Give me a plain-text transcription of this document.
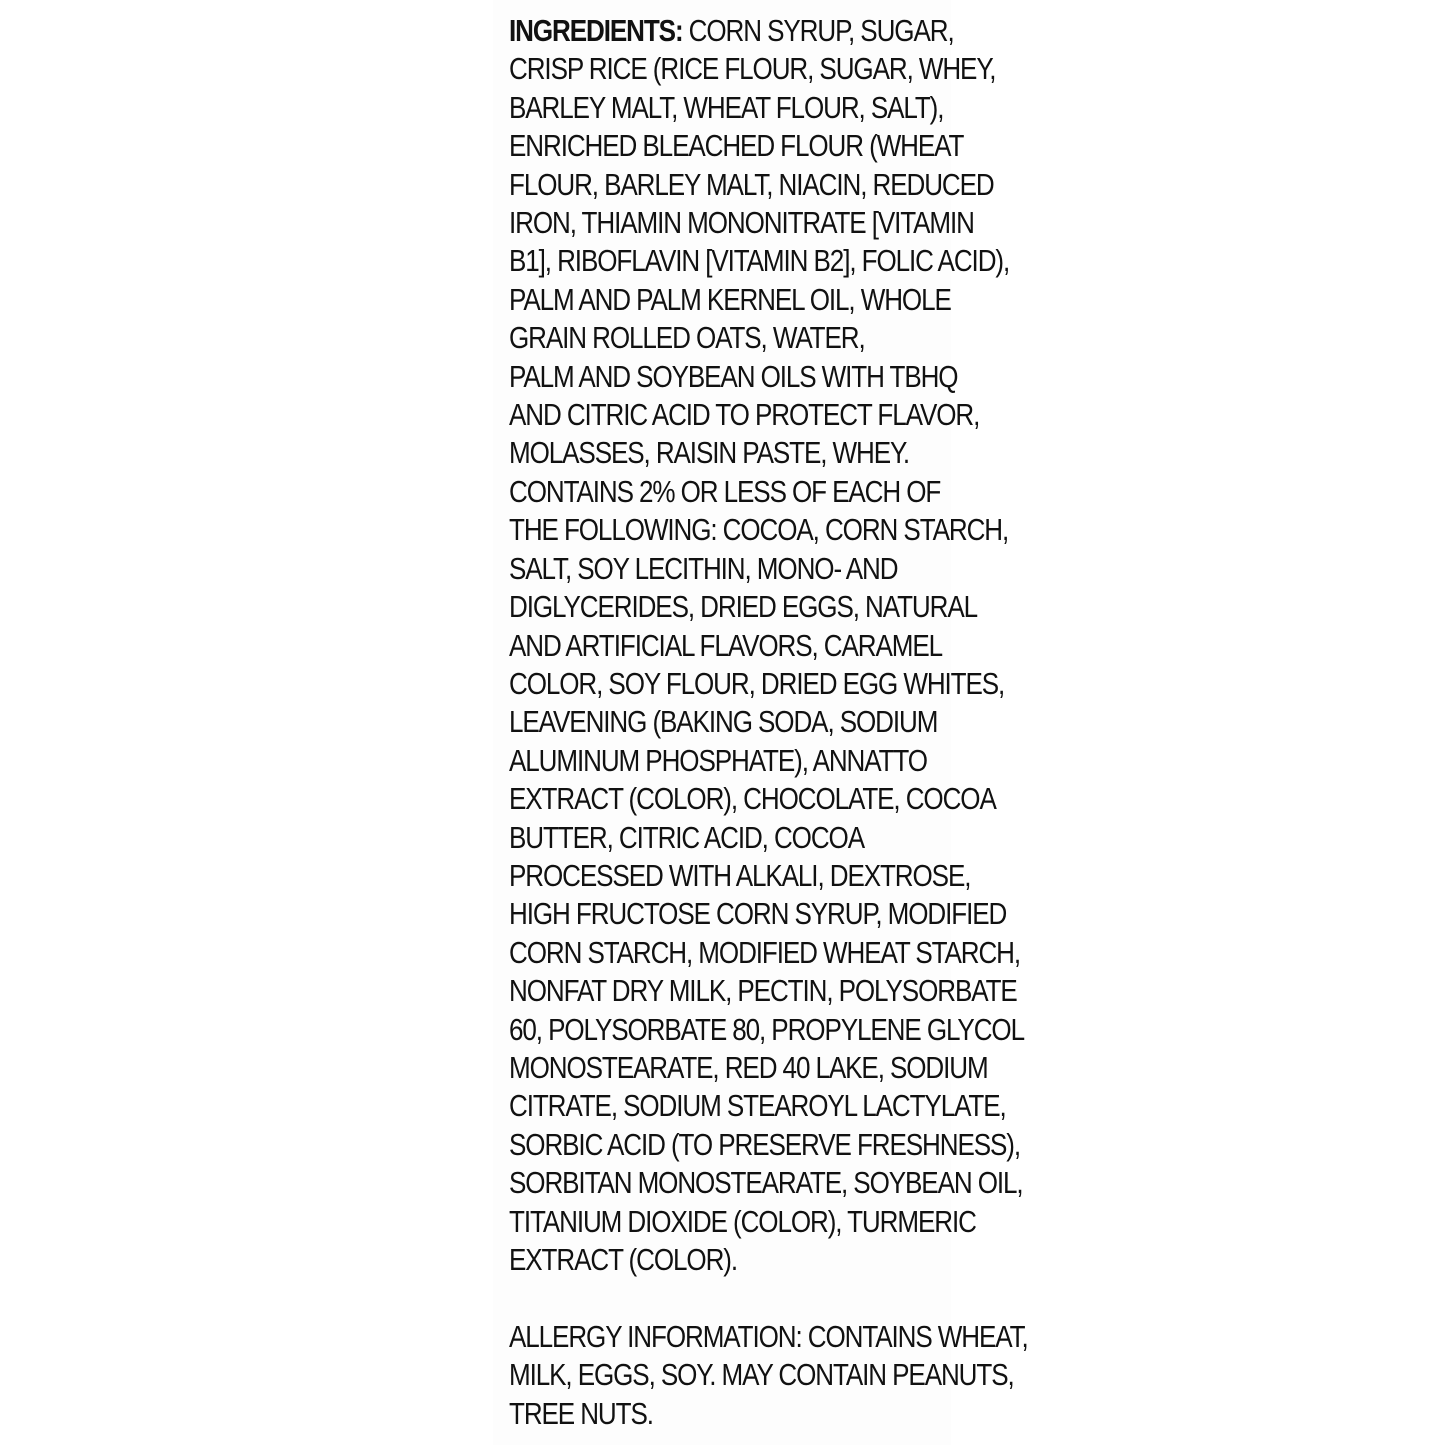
INGREDIENTS: CORN SYRUP, SUGAR,
CRISP RICE (RICE FLOUR, SUGAR, WHEY,
BARLEY MALT, WHEAT FLOUR, SALT),
ENRICHED BLEACHED FLOUR (WHEAT
FLOUR, BARLEY MALT, NIACIN, REDUCED
IRON, THIAMIN MONONITRATE [VITAMIN
B1], RIBOFLAVIN [VITAMIN B2], FOLIC ACID),
PALM AND PALM KERNEL OIL, WHOLE
GRAIN ROLLED OATS, WATER,
PALM AND SOYBEAN OILS WITH TBHQ
AND CITRIC ACID TO PROTECT FLAVOR,
MOLASSES, RAISIN PASTE, WHEY.
CONTAINS 2% OR LESS OF EACH OF
THE FOLLOWING: COCOA, CORN STARCH,
SALT, SOY LECITHIN, MONO- AND
DIGLYCERIDES, DRIED EGGS, NATURAL
AND ARTIFICIAL FLAVORS, CARAMEL
COLOR, SOY FLOUR, DRIED EGG WHITES,
LEAVENING (BAKING SODA, SODIUM
ALUMINUM PHOSPHATE), ANNATTO
EXTRACT (COLOR), CHOCOLATE, COCOA
BUTTER, CITRIC ACID, COCOA
PROCESSED WITH ALKALI, DEXTROSE,
HIGH FRUCTOSE CORN SYRUP, MODIFIED
CORN STARCH, MODIFIED WHEAT STARCH,
NONFAT DRY MILK, PECTIN, POLYSORBATE
60, POLYSORBATE 80, PROPYLENE GLYCOL
MONOSTEARATE, RED 40 LAKE, SODIUM
CITRATE, SODIUM STEAROYL LACTYLATE,
SORBIC ACID (TO PRESERVE FRESHNESS),
SORBITAN MONOSTEARATE, SOYBEAN OIL,
TITANIUM DIOXIDE (COLOR), TURMERIC
EXTRACT (COLOR).
ALLERGY INFORMATION: CONTAINS WHEAT,
MILK, EGGS, SOY. MAY CONTAIN PEANUTS,
TREE NUTS.
